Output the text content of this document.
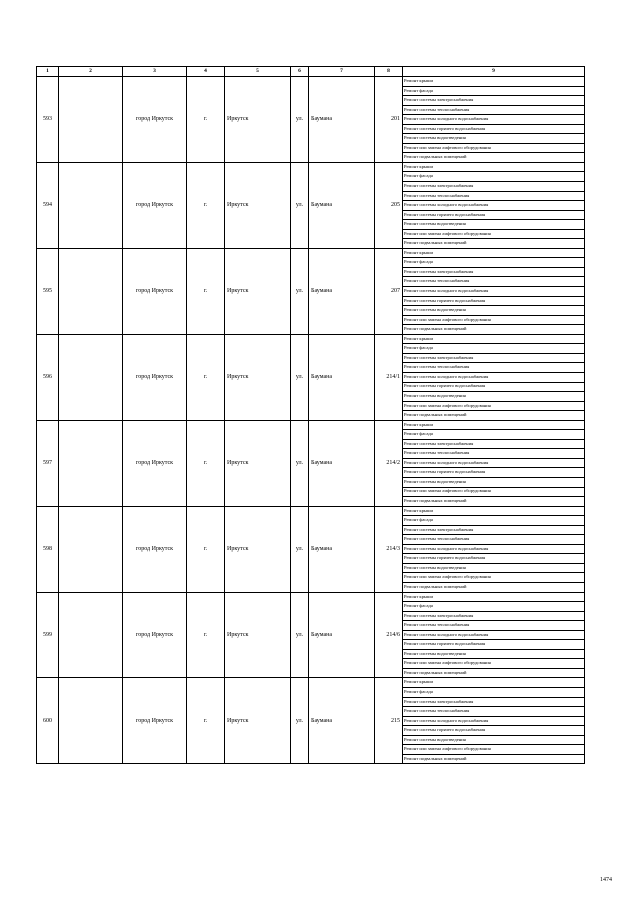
1	2	3	4	5	6	7	8	9
593		город Иркутск	г.	Иркутск	ул.	Баумана	201	Ремонт крыши
								Ремонт фасада
								Ремонт системы электроснабжения
								Ремонт системы теплоснабжения
								Ремонт системы холодного водоснабжения
								Ремонт системы горячего водоснабжения
								Ремонт системы водоотведения
								Ремонт или замена лифтового оборудования
								Ремонт подвальных помещений
594		город Иркутск	г.	Иркутск	ул.	Баумана	205	Ремонт крыши
								Ремонт фасада
								Ремонт системы электроснабжения
								Ремонт системы теплоснабжения
								Ремонт системы холодного водоснабжения
								Ремонт системы горячего водоснабжения
								Ремонт системы водоотведения
								Ремонт или замена лифтового оборудования
								Ремонт подвальных помещений
595		город Иркутск	г.	Иркутск	ул.	Баумана	207	Ремонт крыши
								Ремонт фасада
								Ремонт системы электроснабжения
								Ремонт системы теплоснабжения
								Ремонт системы холодного водоснабжения
								Ремонт системы горячего водоснабжения
								Ремонт системы водоотведения
								Ремонт или замена лифтового оборудования
								Ремонт подвальных помещений
596		город Иркутск	г.	Иркутск	ул.	Баумана	214/1	Ремонт крыши
								Ремонт фасада
								Ремонт системы электроснабжения
								Ремонт системы теплоснабжения
								Ремонт системы холодного водоснабжения
								Ремонт системы горячего водоснабжения
								Ремонт системы водоотведения
								Ремонт или замена лифтового оборудования
								Ремонт подвальных помещений
597		город Иркутск	г.	Иркутск	ул.	Баумана	214/2	Ремонт крыши
								Ремонт фасада
								Ремонт системы электроснабжения
								Ремонт системы теплоснабжения
								Ремонт системы холодного водоснабжения
								Ремонт системы горячего водоснабжения
								Ремонт системы водоотведения
								Ремонт или замена лифтового оборудования
								Ремонт подвальных помещений
598		город Иркутск	г.	Иркутск	ул.	Баумана	214/3	Ремонт крыши
								Ремонт фасада
								Ремонт системы электроснабжения
								Ремонт системы теплоснабжения
								Ремонт системы холодного водоснабжения
								Ремонт системы горячего водоснабжения
								Ремонт системы водоотведения
								Ремонт или замена лифтового оборудования
								Ремонт подвальных помещений
599		город Иркутск	г.	Иркутск	ул.	Баумана	214/6	Ремонт крыши
								Ремонт фасада
								Ремонт системы электроснабжения
								Ремонт системы теплоснабжения
								Ремонт системы холодного водоснабжения
								Ремонт системы горячего водоснабжения
								Ремонт системы водоотведения
								Ремонт или замена лифтового оборудования
								Ремонт подвальных помещений
600		город Иркутск	г.	Иркутск	ул.	Баумана	215	Ремонт крыши
								Ремонт фасада
								Ремонт системы электроснабжения
								Ремонт системы теплоснабжения
								Ремонт системы холодного водоснабжения
								Ремонт системы горячего водоснабжения
								Ремонт системы водоотведения
								Ремонт или замена лифтового оборудования
								Ремонт подвальных помещений
1474
